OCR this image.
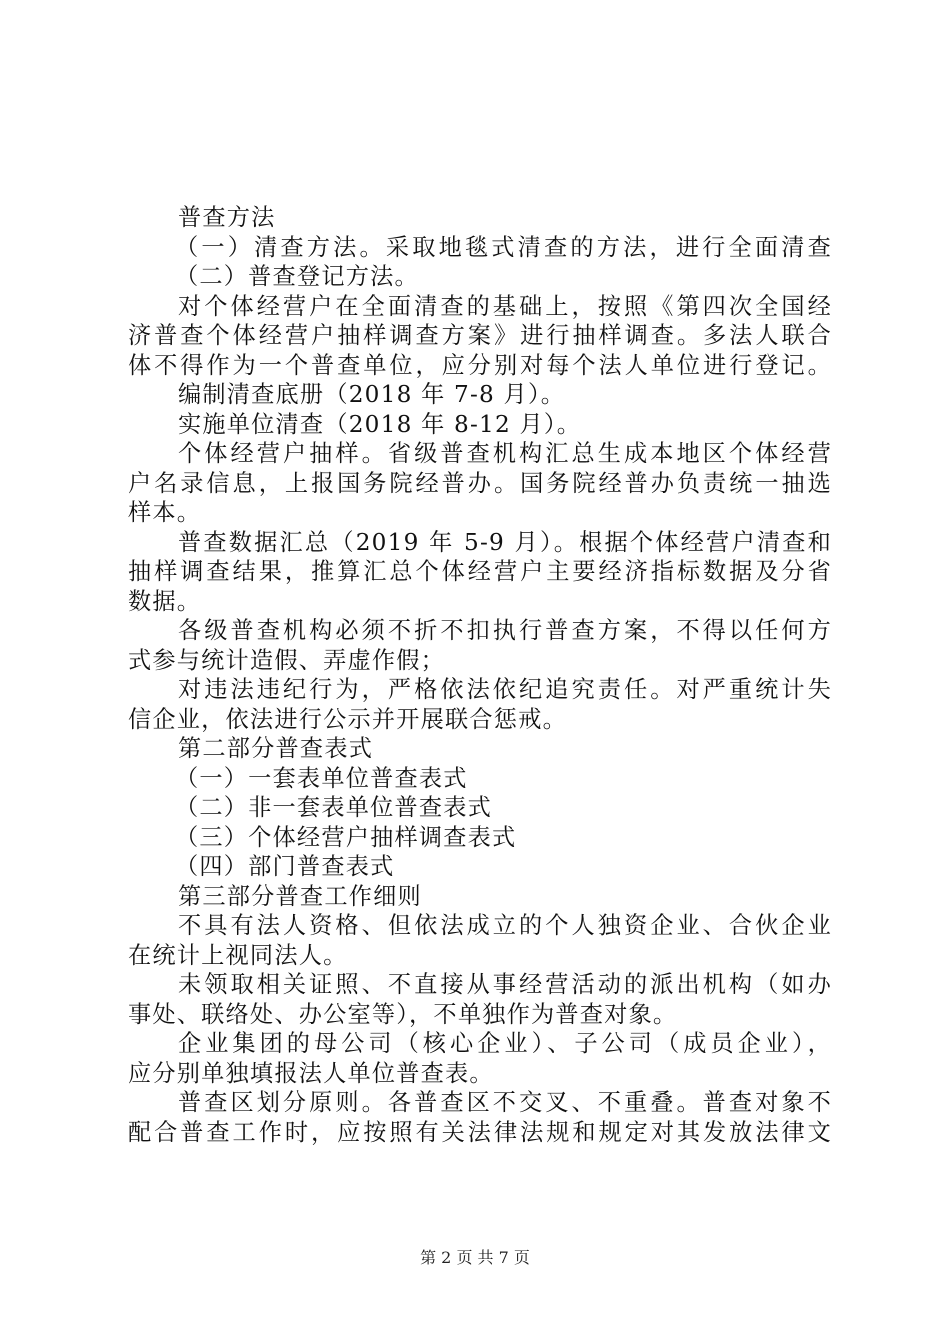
普查方法
（一）清查方法。采取地毯式清查的方法，进行全面清查
（二）普查登记方法。
对个体经营户在全面清查的基础上，按照《第四次全国经
济普查个体经营户抽样调查方案》进行抽样调查。多法人联合
体不得作为一个普查单位，应分别对每个法人单位进行登记。
编制清查底册（2018 年 7-8 月）。
实施单位清查（2018 年 8-12 月）。
个体经营户抽样。省级普查机构汇总生成本地区个体经营
户名录信息，上报国务院经普办。国务院经普办负责统一抽选
样本。
普查数据汇总（2019 年 5-9 月）。根据个体经营户清查和
抽样调查结果，推算汇总个体经营户主要经济指标数据及分省
数据。
各级普查机构必须不折不扣执行普查方案，不得以任何方
式参与统计造假、弄虚作假；
对违法违纪行为，严格依法依纪追究责任。对严重统计失
信企业，依法进行公示并开展联合惩戒。
第二部分普查表式
（一）一套表单位普查表式
（二）非一套表单位普查表式
（三）个体经营户抽样调查表式
（四）部门普查表式
第三部分普查工作细则
不具有法人资格、但依法成立的个人独资企业、合伙企业
在统计上视同法人。
未领取相关证照、不直接从事经营活动的派出机构（如办
事处、联络处、办公室等），不单独作为普查对象。
企业集团的母公司（核心企业）、子公司（成员企业），
应分别单独填报法人单位普查表。
普查区划分原则。各普查区不交叉、不重叠。普查对象不
配合普查工作时，应按照有关法律法规和规定对其发放法律文
第 2 页 共 7 页
